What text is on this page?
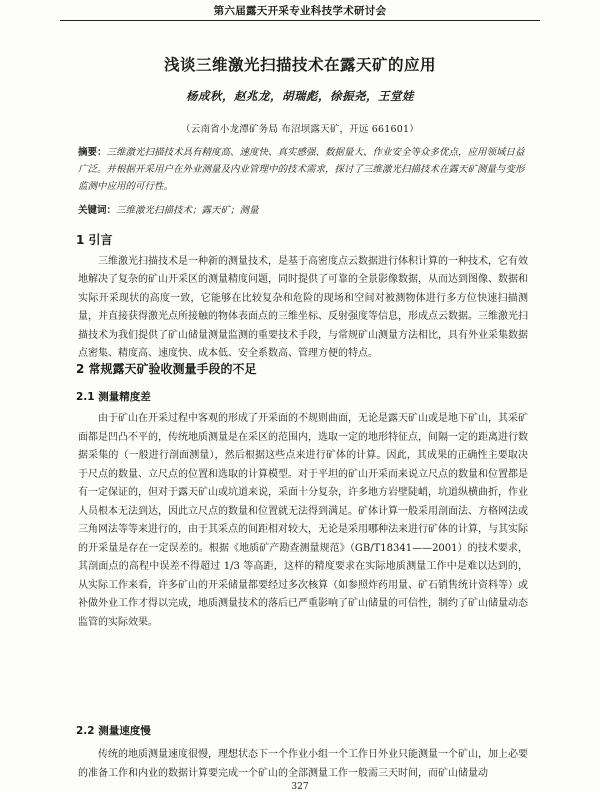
第六届露天开采专业科技学术研讨会
浅谈三维激光扫描技术在露天矿的应用
杨成秋，赵兆龙，胡瑞彪，徐振尧，王堂娃
（云南省小龙潭矿务局 布沼坝露天矿，开远 661601）
摘要：三维激光扫描技术具有精度高、速度快、真实感强、数据量大、作业安全等众多优点，应用领域日益广泛。并根据开采用户在外业测量及内业管理中的技术需求，探讨了三维激光扫描技术在露天矿测量与变形监测中应用的可行性。
关键词：三维激光扫描技术；露天矿；测量
1 引言
三维激光扫描技术是一种新的测量技术，是基于高密度点云数据进行体积计算的一种技术，它有效地解决了复杂的矿山开采区的测量精度问题，同时提供了可靠的全景影像数据，从而达到图像、数据和实际开采现状的高度一致，它能够在比较复杂和危险的现场和空间对被测物体进行多方位快速扫描测量，并直接获得激光点所接触的物体表面点的三维坐标、反射强度等信息，形成点云数据。三维激光扫描技术为我们提供了矿山储量测量监测的重要技术手段，与常规矿山测量方法相比，具有外业采集数据点密集、精度高、速度快、成本低、安全系数高、管理方便的特点。
2 常规露天矿验收测量手段的不足
2.1 测量精度差
由于矿山在开采过程中客观的形成了开采面的不规则曲面，无论是露天矿山或是地下矿山，其采矿面都是凹凸不平的，传统地质测量是在采区的范围内，选取一定的地形特征点，间隔一定的距离进行数据采集的（一般进行剖面测量），然后根据这些点来进行矿体的计算。因此，其成果的正确性主要取决于尺点的数量、立尺点的位置和选取的计算模型。对于平坦的矿山开采而来说立尺点的数量和位置都是有一定保证的，但对于露天矿山或坑道来说，采面十分复杂，许多地方岩壁陡峭，坑道纵横曲折，作业人员根本无法到达，因此立尺点的数量和位置就无法得到满足。矿体计算一般采用剖面法、方格网法或三角网法等等来进行的，由于其采点的间距相对较大，无论是采用哪种法来进行矿体的计算，与其实际的开采量是存在一定误差的。根据《地质矿产勘查测量规范》（GB/T18341——2001）的技术要求，其剖面点的高程中误差不得超过 1/3 等高距，这样的精度要求在实际地质测量工作中是难以达到的，从实际工作来看，许多矿山的开采储量都要经过多次核算（如参照炸药用量、矿石销售统计资料等）或补做外业工作才得以完成，地质测量技术的落后已严重影响了矿山储量的可信性，制约了矿山储量动态监管的实际效果。
2.2 测量速度慢
传统的地质测量速度很慢，理想状态下一个作业小组一个工作日外业只能测量一个矿山，加上必要的准备工作和内业的数据计算要完成一个矿山的全部测量工作一般需三天时间，而矿山储量动
327
